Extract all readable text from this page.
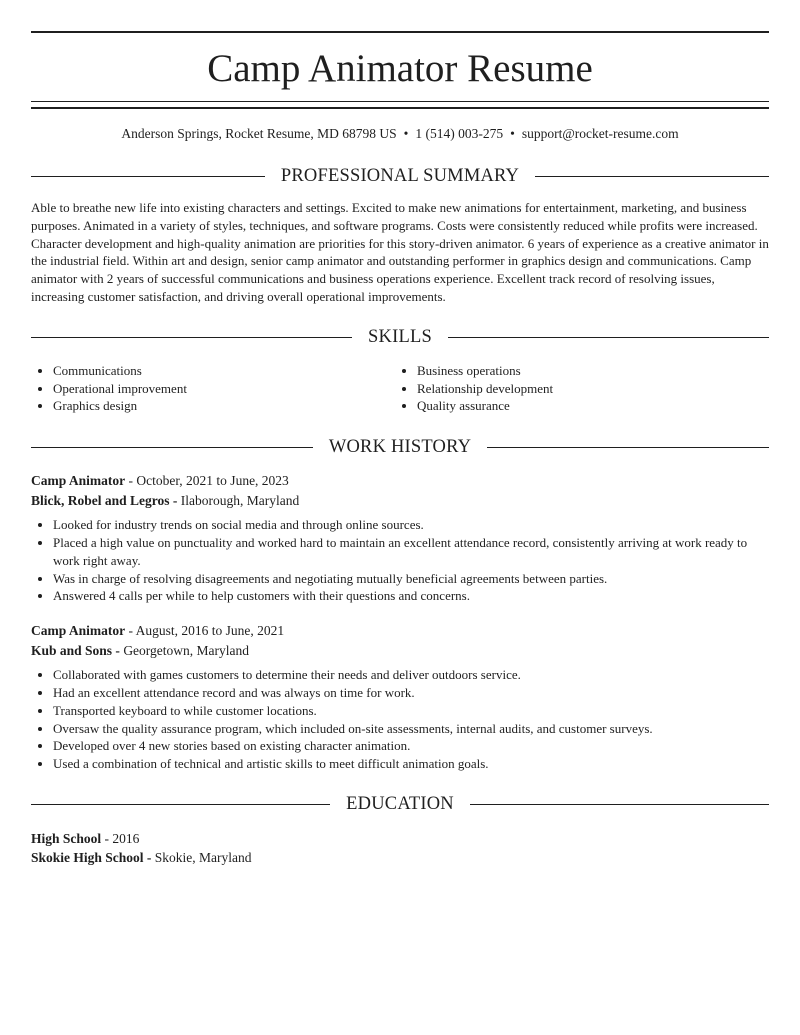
Camp Animator Resume
Anderson Springs, Rocket Resume, MD 68798 US • 1 (514) 003-275 • support@rocket-resume.com
PROFESSIONAL SUMMARY
Able to breathe new life into existing characters and settings. Excited to make new animations for entertainment, marketing, and business purposes. Animated in a variety of styles, techniques, and software programs. Costs were consistently reduced while profits were increased. Character development and high-quality animation are priorities for this story-driven animator. 6 years of experience as a creative animator in the industrial field. Within art and design, senior camp animator and outstanding performer in graphics design and communications. Camp animator with 2 years of successful communications and business operations experience. Excellent track record of resolving issues, increasing customer satisfaction, and driving overall operational improvements.
SKILLS
• Communications
• Operational improvement
• Graphics design
• Business operations
• Relationship development
• Quality assurance
WORK HISTORY
Camp Animator - October, 2021 to June, 2023
Blick, Robel and Legros - Ilaborough, Maryland
• Looked for industry trends on social media and through online sources.
• Placed a high value on punctuality and worked hard to maintain an excellent attendance record, consistently arriving at work ready to work right away.
• Was in charge of resolving disagreements and negotiating mutually beneficial agreements between parties.
• Answered 4 calls per while to help customers with their questions and concerns.
Camp Animator - August, 2016 to June, 2021
Kub and Sons - Georgetown, Maryland
• Collaborated with games customers to determine their needs and deliver outdoors service.
• Had an excellent attendance record and was always on time for work.
• Transported keyboard to while customer locations.
• Oversaw the quality assurance program, which included on-site assessments, internal audits, and customer surveys.
• Developed over 4 new stories based on existing character animation.
• Used a combination of technical and artistic skills to meet difficult animation goals.
EDUCATION
High School - 2016
Skokie High School - Skokie, Maryland
